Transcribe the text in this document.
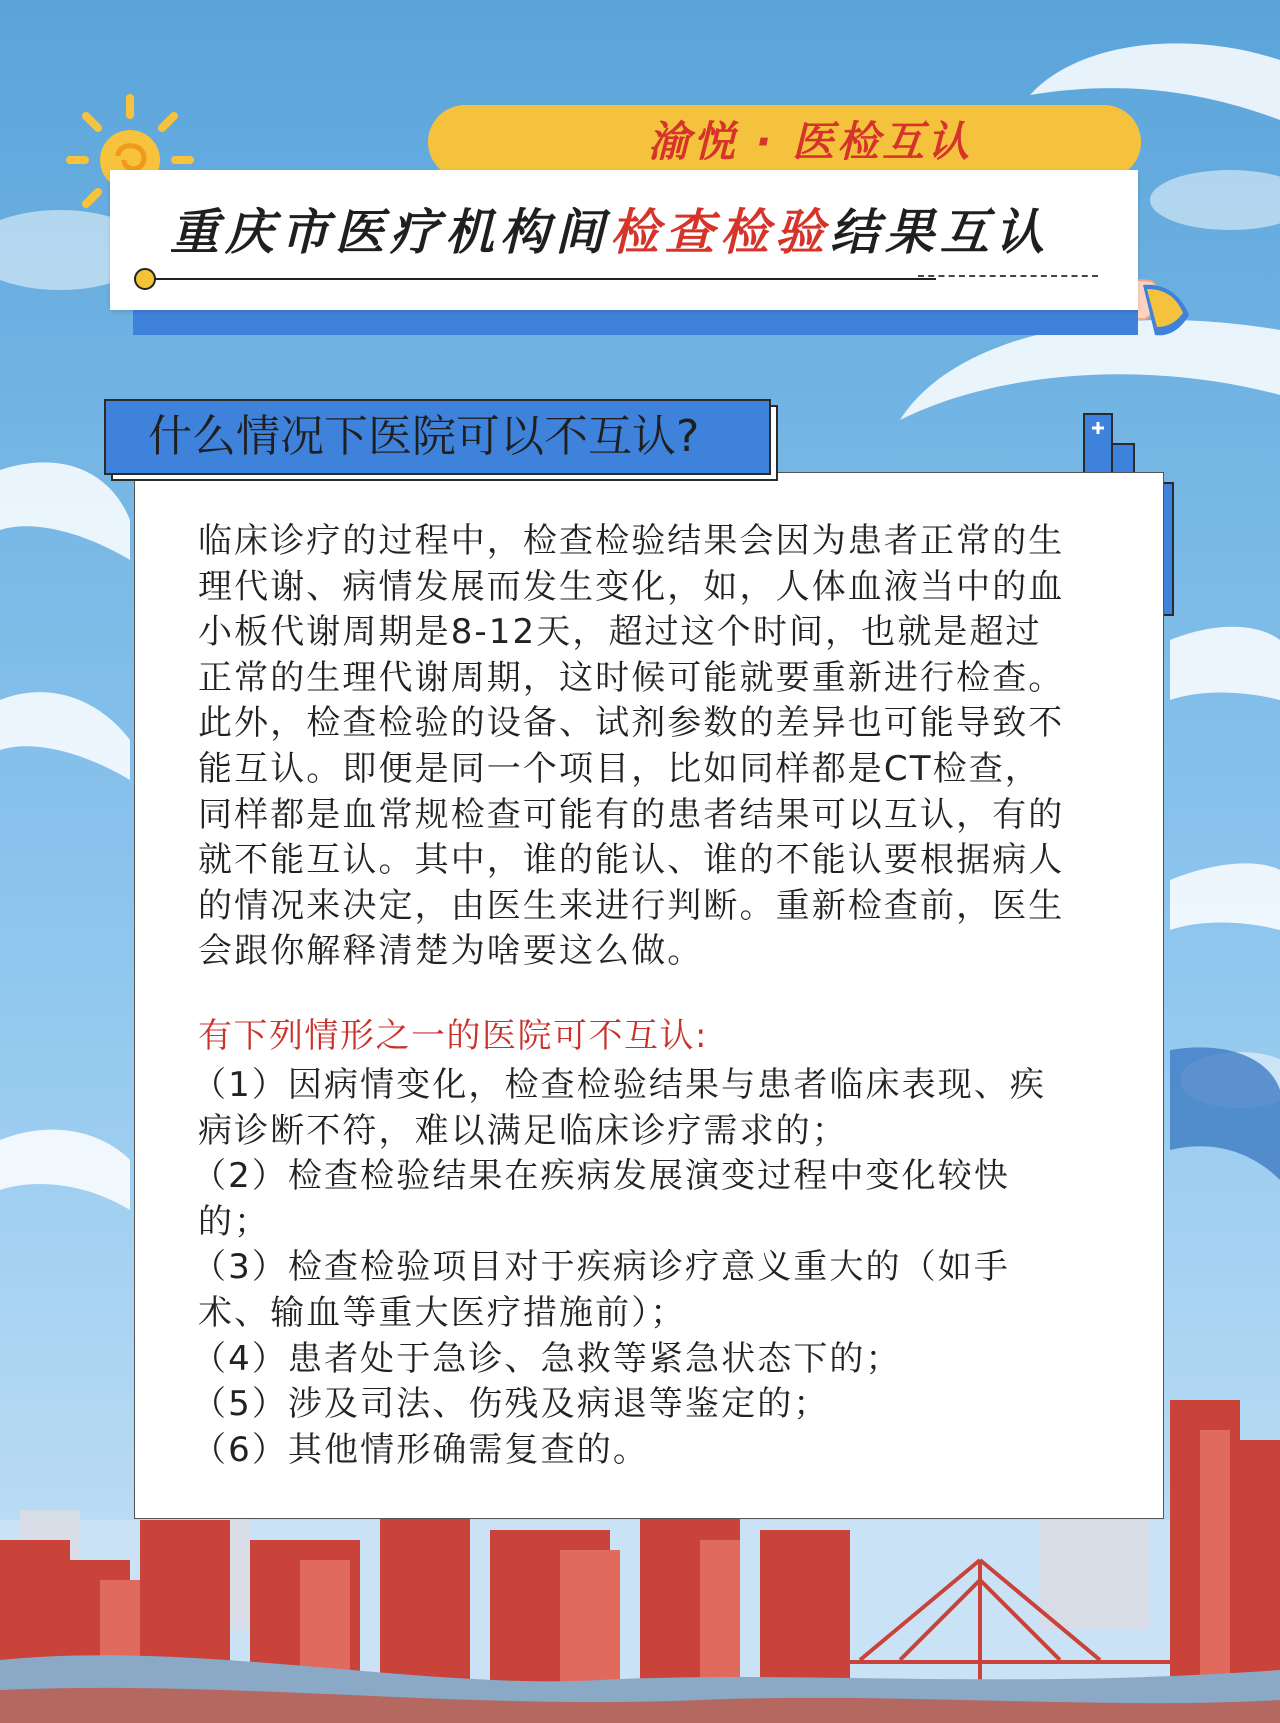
渝悦 · 医检互认
重庆市医疗机构间检查检验结果互认

临床诊疗的过程中，检查检验结果会因为患者正常的生
理代谢、病情发展而发生变化，如，人体血液当中的血
小板代谢周期是8-12天，超过这个时间，也就是超过
正常的生理代谢周期，这时候可能就要重新进行检查。
此外，检查检验的设备、试剂参数的差异也可能导致不
能互认。即便是同一个项目，比如同样都是CT检查，
同样都是血常规检查可能有的患者结果可以互认，有的
就不能互认。其中，谁的能认、谁的不能认要根据病人
的情况来决定，由医生来进行判断。重新检查前，医生
会跟你解释清楚为啥要这么做。

有下列情形之一的医院可不互认:
（1）因病情变化，检查检验结果与患者临床表现、疾
病诊断不符，难以满足临床诊疗需求的；
（2）检查检验结果在疾病发展演变过程中变化较快
的；
（3）检查检验项目对于疾病诊疗意义重大的（如手
术、输血等重大医疗措施前）；
（4）患者处于急诊、急救等紧急状态下的；
（5）涉及司法、伤残及病退等鉴定的；
（6）其他情形确需复查的。
什么情况下医院可以不互认?
